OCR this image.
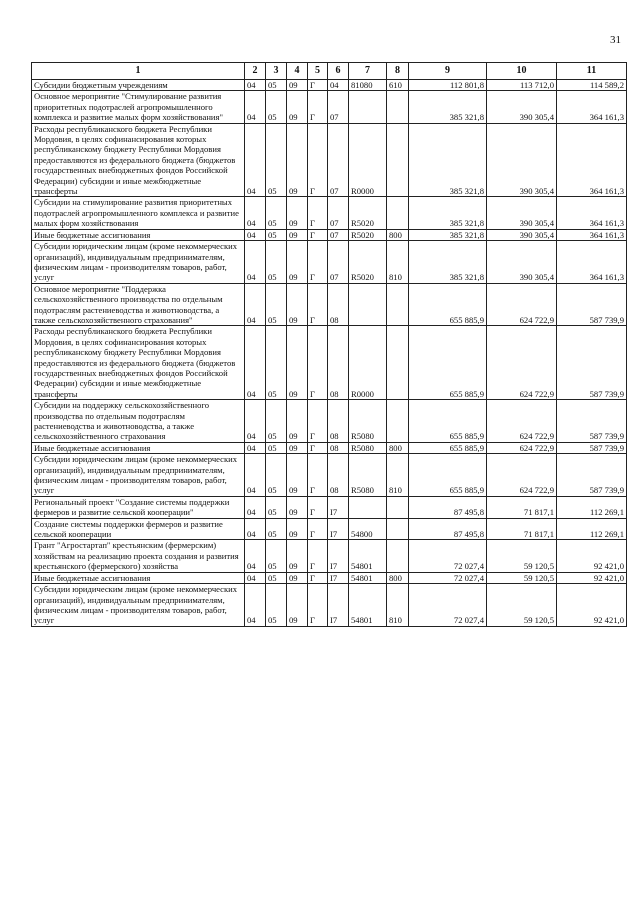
31
1	2	3	4	5	6	7	8	9	10	11
Субсидии бюджетным учреждениям	04	05	09	Г	04	81080	610	112 801,8	113 712,0	114 589,2
Основное мероприятие "Стимулирование развития приоритетных подотраслей агропромышленного комплекса и развитие малых форм хозяйствования"	04	05	09	Г	07			385 321,8	390 305,4	364 161,3
Расходы республиканского бюджета Республики Мордовия, в целях софинансирования которых республиканскому бюджету Республики Мордовия предоставляются из федерального бюджета (бюджетов государственных внебюджетных фондов Российской Федерации) субсидии и иные межбюджетные трансферты	04	05	09	Г	07	R0000		385 321,8	390 305,4	364 161,3
Субсидии на стимулирование развития приоритетных подотраслей агропромышленного комплекса и развитие малых форм хозяйствования	04	05	09	Г	07	R5020		385 321,8	390 305,4	364 161,3
Иные бюджетные ассигнования	04	05	09	Г	07	R5020	800	385 321,8	390 305,4	364 161,3
Субсидии юридическим лицам (кроме некоммерческих организаций), индивидуальным предпринимателям, физическим лицам - производителям товаров, работ, услуг	04	05	09	Г	07	R5020	810	385 321,8	390 305,4	364 161,3
Основное мероприятие "Поддержка сельскохозяйственного производства по отдельным подотраслям растениеводства и животноводства, а также сельскохозяйственного страхования"	04	05	09	Г	08			655 885,9	624 722,9	587 739,9
Расходы республиканского бюджета Республики Мордовия, в целях софинансирования которых республиканскому бюджету Республики Мордовия предоставляются из федерального бюджета (бюджетов государственных внебюджетных фондов Российской Федерации) субсидии и иные межбюджетные трансферты	04	05	09	Г	08	R0000		655 885,9	624 722,9	587 739,9
Субсидии на поддержку сельскохозяйственного производства по отдельным подотраслям растениеводства и животноводства, а также сельскохозяйственного страхования	04	05	09	Г	08	R5080		655 885,9	624 722,9	587 739,9
Иные бюджетные ассигнования	04	05	09	Г	08	R5080	800	655 885,9	624 722,9	587 739,9
Субсидии юридическим лицам (кроме некоммерческих организаций), индивидуальным предпринимателям, физическим лицам - производителям товаров, работ, услуг	04	05	09	Г	08	R5080	810	655 885,9	624 722,9	587 739,9
Региональный проект "Создание системы поддержки фермеров и развитие сельской кооперации"	04	05	09	Г	I7			87 495,8	71 817,1	112 269,1
Создание системы поддержки фермеров и развитие сельской кооперации	04	05	09	Г	I7	54800		87 495,8	71 817,1	112 269,1
Грант "Агростартап" крестьянским (фермерским) хозяйствам на реализацию проекта создания и развития крестьянского (фермерского) хозяйства	04	05	09	Г	I7	54801		72 027,4	59 120,5	92 421,0
Иные бюджетные ассигнования	04	05	09	Г	I7	54801	800	72 027,4	59 120,5	92 421,0
Субсидии юридическим лицам (кроме некоммерческих организаций), индивидуальным предпринимателям, физическим лицам - производителям товаров, работ, услуг	04	05	09	Г	I7	54801	810	72 027,4	59 120,5	92 421,0
